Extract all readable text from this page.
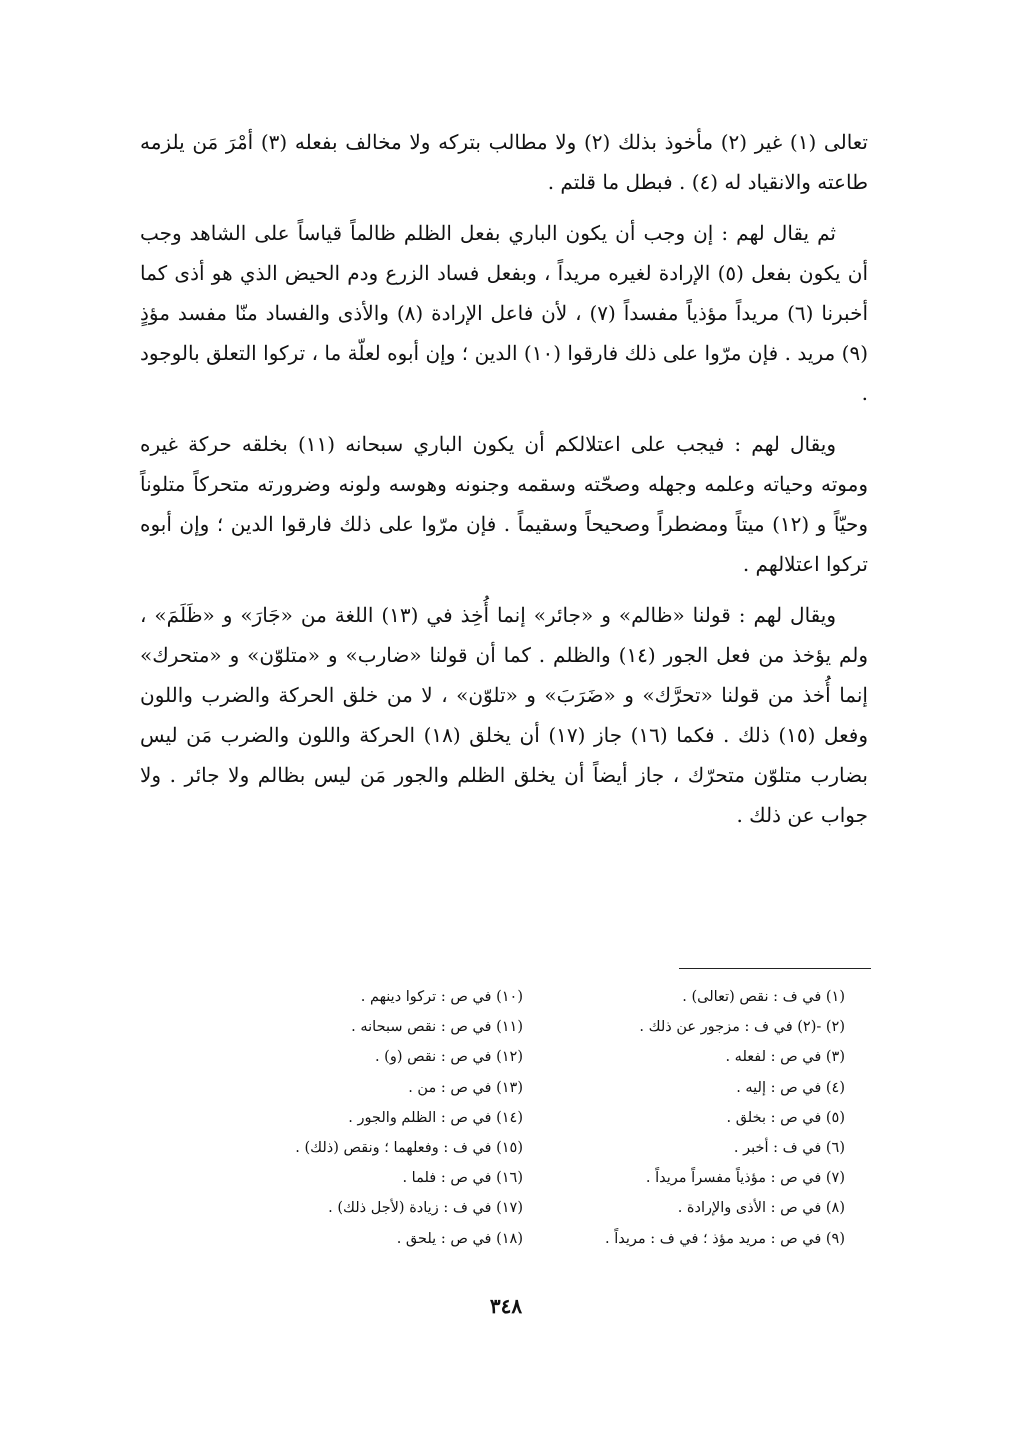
تعالى (١) غير (٢) مأخوذ بذلك (٢) ولا مطالب بتركه ولا مخالف بفعله (٣) أمْرَ مَن يلزمه طاعته والانقياد له (٤) . فبطل ما قلتم .

ثم يقال لهم : إن وجب أن يكون الباري بفعل الظلم ظالماً قياساً على الشاهد وجب أن يكون بفعل (٥) الإرادة لغيره مريداً ، وبفعل فساد الزرع ودم الحيض الذي هو أذى كما أخبرنا (٦) مريداً مؤذياً مفسداً (٧) ، لأن فاعل الإرادة (٨) والأذى والفساد منّا مفسد مؤذٍ (٩) مريد . فإن مرّوا على ذلك فارقوا (١٠) الدين ؛ وإن أبوه لعلّة ما ، تركوا التعلق بالوجود .

ويقال لهم : فيجب على اعتلالكم أن يكون الباري سبحانه (١١) بخلقه حركة غيره وموته وحياته وعلمه وجهله وصحّته وسقمه وجنونه وهوسه ولونه وضرورته متحركاً متلوناً وحيّاً و (١٢) ميتاً ومضطراً وصحيحاً وسقيماً . فإن مرّوا على ذلك فارقوا الدين ؛ وإن أبوه تركوا اعتلالهم .

ويقال لهم : قولنا «ظالم» و «جائر» إنما أُخِذ في (١٣) اللغة من «جَارَ» و «ظَلَمَ» ، ولم يؤخذ من فعل الجور (١٤) والظلم . كما أن قولنا «ضارب» و «متلوّن» و «متحرك» إنما أُخذ من قولنا «تحرَّك» و «ضَرَبَ» و «تلوّن» ، لا من خلق الحركة والضرب واللون وفعل (١٥) ذلك . فكما (١٦) جاز (١٧) أن يخلق (١٨) الحركة واللون والضرب مَن ليس بضارب متلوّن متحرّك ، جاز أيضاً أن يخلق الظلم والجور مَن ليس بظالم ولا جائر . ولا جواب عن ذلك .

(١) في ف : نقص (تعالى) .
(٢) -(٢) في ف : مزجور عن ذلك .
(٣) في ص : لفعله .
(٤) في ص : إليه .
(٥) في ص : بخلق .
(٦) في ف : أخبر .
(٧) في ص : مؤذياً مفسراً مريداً .
(٨) في ص : الأذى والإرادة .
(٩) في ص : مريد مؤذ ؛ في ف : مريداً .
(١٠) في ص : تركوا دينهم .
(١١) في ص : نقص سبحانه .
(١٢) في ص : نقص (و) .
(١٣) في ص : من .
(١٤) في ص : الظلم والجور .
(١٥) في ف : وفعلهما ؛ ونقص (ذلك) .
(١٦) في ص : فلما .
(١٧) في ف : زيادة (لأجل ذلك) .
(١٨) في ص : يلحق .
٣٤٨
